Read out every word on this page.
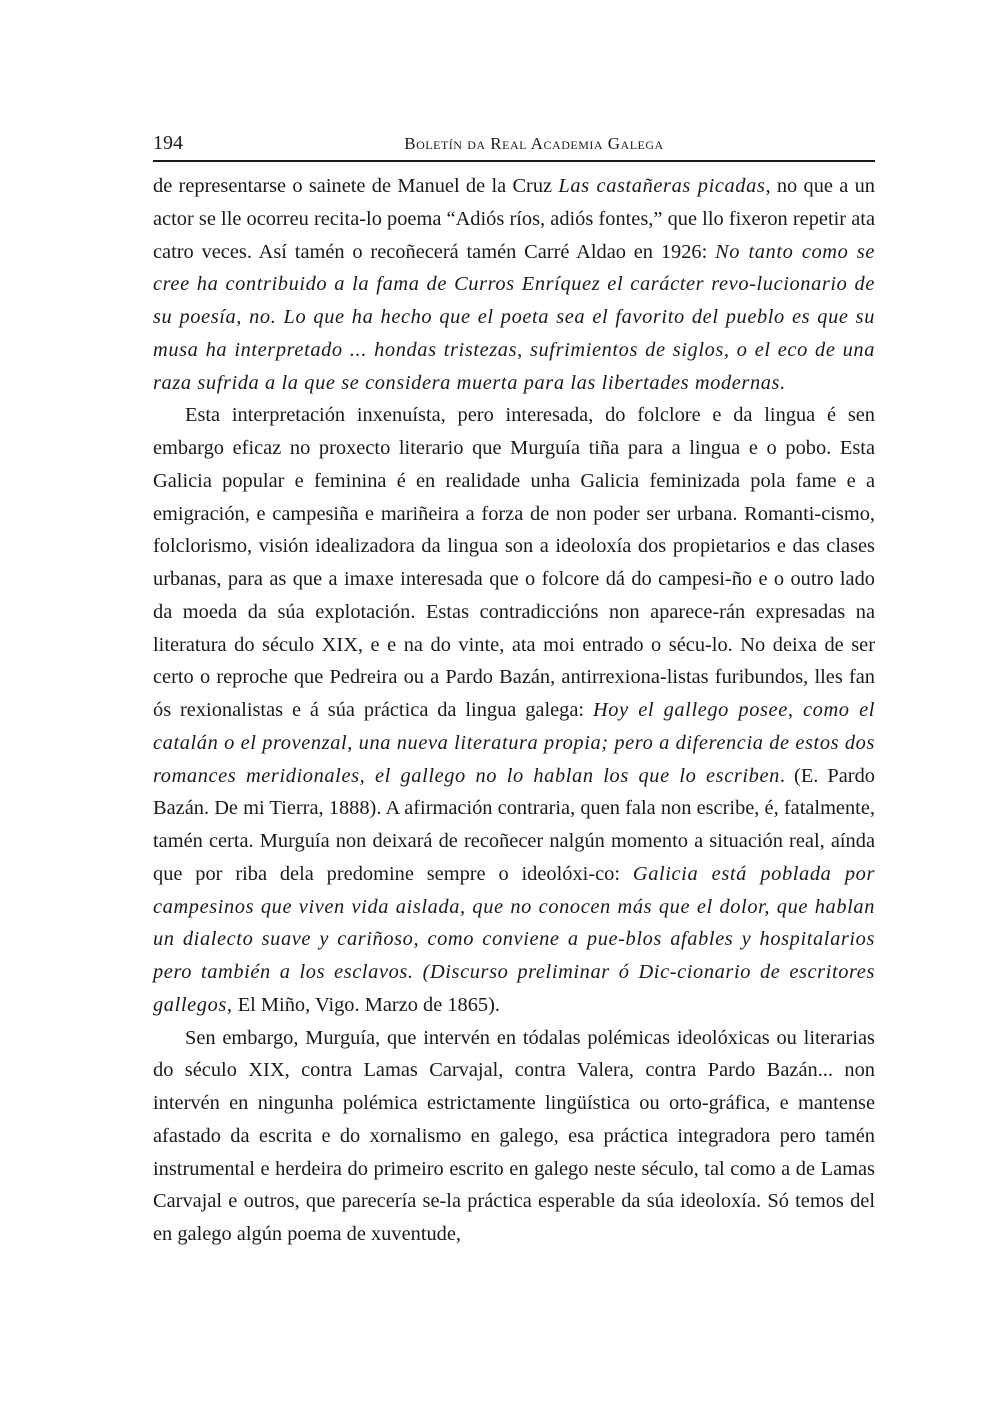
194	Boletín da Real Academia Galega

de representarse o sainete de Manuel de la Cruz Las castañeras picadas, no que a un actor se lle ocorreu recita-lo poema “Adiós ríos, adiós fontes,” que llo fixeron repetir ata catro veces. Así tamén o recoñecerá tamén Carré Aldao en 1926: No tanto como se cree ha contribuido a la fama de Curros Enríquez el carácter revo-lucionario de su poesía, no. Lo que ha hecho que el poeta sea el favorito del pueblo es que su musa ha interpretado ... hondas tristezas, sufrimientos de siglos, o el eco de una raza sufrida a la que se considera muerta para las libertades modernas.

Esta interpretación inxenuísta, pero interesada, do folclore e da lingua é sen embargo eficaz no proxecto literario que Murguía tiña para a lingua e o pobo. Esta Galicia popular e feminina é en realidade unha Galicia feminizada pola fame e a emigración, e campesiña e mariñeira a forza de non poder ser urbana. Romanti-cismo, folclorismo, visión idealizadora da lingua son a ideoloxía dos propietarios e das clases urbanas, para as que a imaxe interesada que o folcore dá do campesi-ño e o outro lado da moeda da súa explotación. Estas contradiccións non aparece-rán expresadas na literatura do século XIX, e e na do vinte, ata moi entrado o sécu-lo. No deixa de ser certo o reproche que Pedreira ou a Pardo Bazán, antirrexiona-listas furibundos, lles fan ós rexionalistas e á súa práctica da lingua galega: Hoy el gallego posee, como el catalán o el provenzal, una nueva literatura propia; pero a diferencia de estos dos romances meridionales, el gallego no lo hablan los que lo escriben. (E. Pardo Bazán. De mi Tierra, 1888). A afirmación contraria, quen fala non escribe, é, fatalmente, tamén certa. Murguía non deixará de recoñecer nalgún momento a situación real, aínda que por riba dela predomine sempre o ideolóxi-co: Galicia está poblada por campesinos que viven vida aislada, que no conocen más que el dolor, que hablan un dialecto suave y cariñoso, como conviene a pue-blos afables y hospitalarios pero también a los esclavos. (Discurso preliminar ó Dic-cionario de escritores gallegos, El Miño, Vigo. Marzo de 1865).

Sen embargo, Murguía, que intervén en tódalas polémicas ideolóxicas ou literarias do século XIX, contra Lamas Carvajal, contra Valera, contra Pardo Bazán... non intervén en ningunha polémica estrictamente lingüística ou orto-gráfica, e mantense afastado da escrita e do xornalismo en galego, esa práctica integradora pero tamén instrumental e herdeira do primeiro escrito en galego neste século, tal como a de Lamas Carvajal e outros, que parecería se-la práctica esperable da súa ideoloxía. Só temos del en galego algún poema de xuventude,
